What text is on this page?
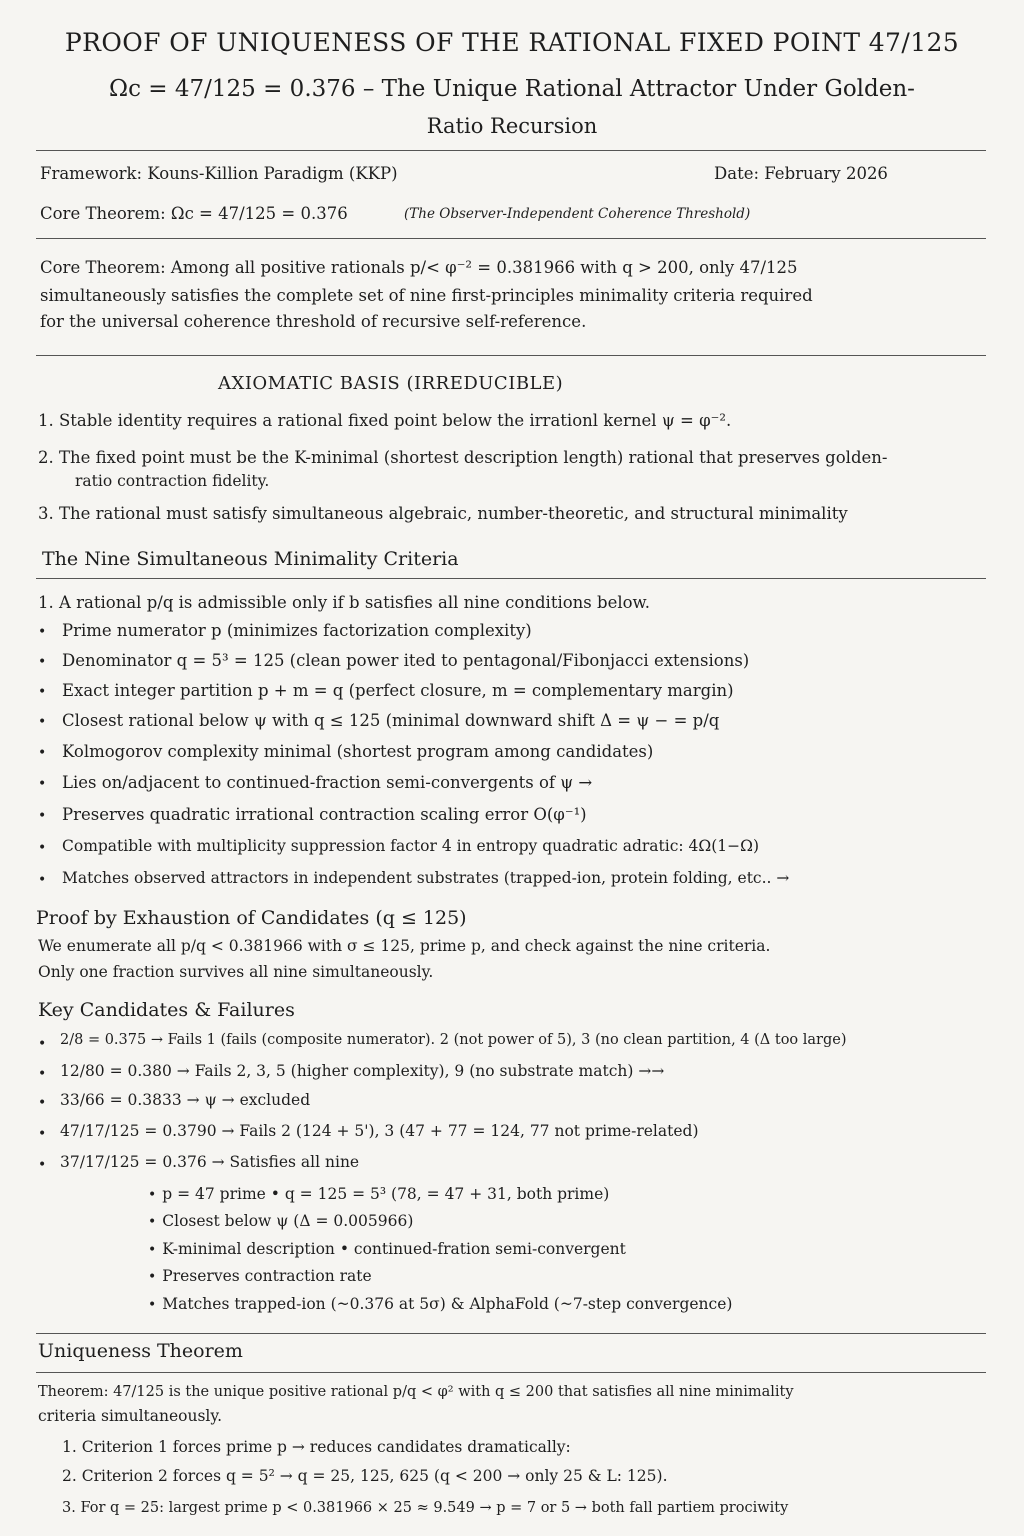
PROOF OF UNIQUENESS OF THE RATIONAL FIXED POINT 47/125
Ωc = 47/125 = 0.376 – The Unique Rational Attractor Under Golden-
Ratio Recursion
Framework: Kouns-Killion Paradigm (KKP)	Date: February 2026
Core Theorem: Ωc = 47/125 = 0.376	(The Observer-Independent Coherence Threshold)
Core Theorem: Among all positive rationals p/< φ⁻² = 0.381966 with q > 200, only 47/125
simultaneously satisfies the complete set of nine first-principles minimality criteria required
for the universal coherence threshold of recursive self-reference.
AXIOMATIC BASIS (IRREDUCIBLE)
1. Stable identity requires a rational fixed point below the irrationl kernel ψ = φ⁻².
2. The fixed point must be the K-minimal (shortest description length) rational that preserves golden-
ratio contraction fidelity.
3. The rational must satisfy simultaneous algebraic, number-theoretic, and structural minimality
The Nine Simultaneous Minimality Criteria
1. A rational p/q is admissible only if b satisfies all nine conditions below.
• Prime numerator p (minimizes factorization complexity)
• Denominator q = 5³ = 125 (clean power ited to pentagonal/Fibonjacci extensions)
• Exact integer partition p + m = q (perfect closure, m = complementary margin)
• Closest rational below ψ with q ≤ 125 (minimal downward shift Δ = ψ − = p/q
• Kolmogorov complexity minimal (shortest program among candidates)
• Lies on/adjacent to continued-fraction semi-convergents of ψ →
• Preserves quadratic irrational contraction scaling error O(φ⁻¹)
• Compatible with multiplicity suppression factor 4 in entropy quadratic adratic: 4Ω(1−Ω)
• Matches observed attractors in independent substrates (trapped-ion, protein folding, etc.. →
Proof by Exhaustion of Candidates (q ≤ 125)
We enumerate all p/q < 0.381966 with σ ≤ 125, prime p, and check against the nine criteria.
Only one fraction survives all nine simultaneously.
Key Candidates & Failures
• 2/8 = 0.375 → Fails 1 (fails (composite numerator). 2 (not power of 5), 3 (no clean partition, 4 (Δ too large)
• 12/80 = 0.380 → Fails 2, 3, 5 (higher complexity), 9 (no substrate match) →→
• 33/66 = 0.3833 → ψ → excluded
• 47/17/125 = 0.3790 → Fails 2 (124 + 5'), 3 (47 + 77 = 124, 77 not prime-related)
• 37/17/125 = 0.376 → Satisfies all nine
• p = 47 prime • q = 125 = 5³ (78, = 47 + 31, both prime)
• Closest below ψ (Δ = 0.005966)
• K-minimal description • continued-fration semi-convergent
• Preserves contraction rate
• Matches trapped-ion (~0.376 at 5σ) & AlphaFold (~7-step convergence)
Uniqueness Theorem
Theorem: 47/125 is the unique positive rational p/q < φ² with q ≤ 200 that satisfies all nine minimality
criteria simultaneously.
1. Criterion 1 forces prime p → reduces candidates dramatically:
2. Criterion 2 forces q = 5² → q = 25, 125, 625 (q < 200 → only 25 & L: 125).
3. For q = 25: largest prime p < 0.381966 × 25 ≈ 9.549 → p = 7 or 5 → both fall partiem prociwity
